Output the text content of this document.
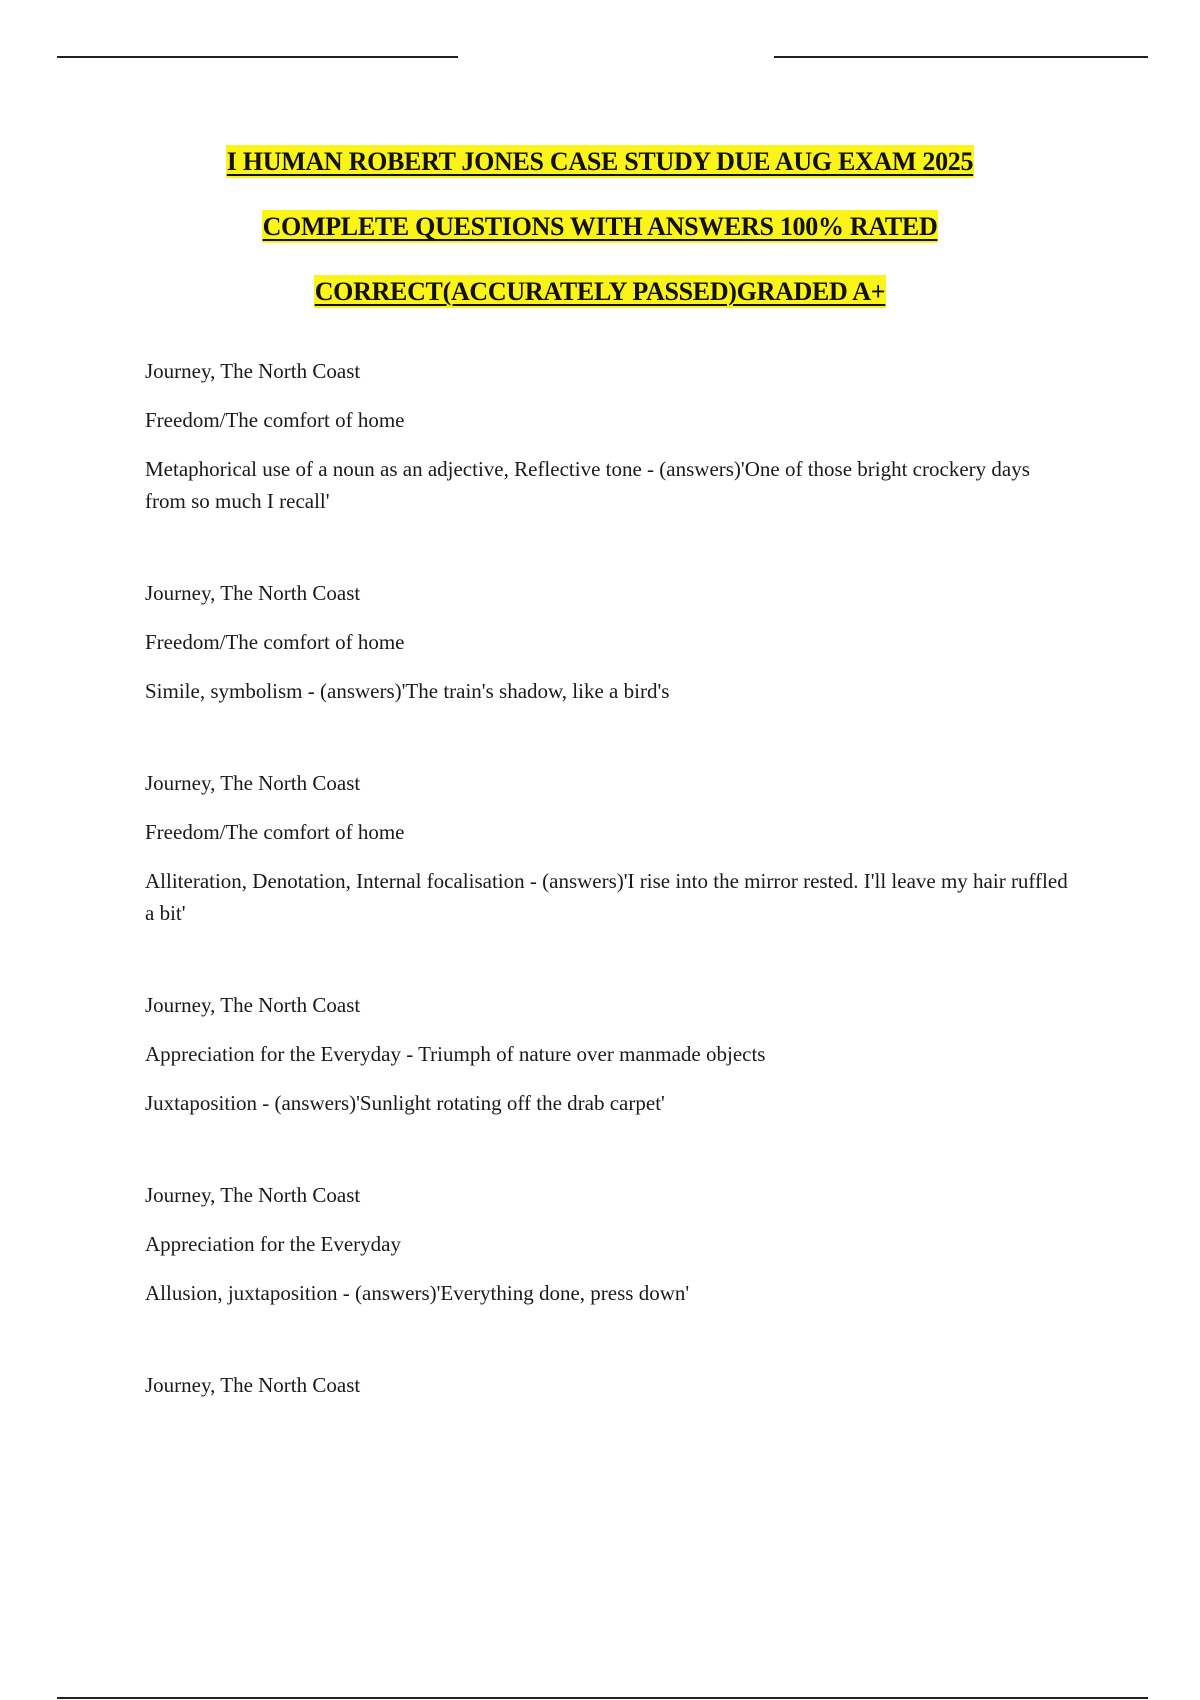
I HUMAN ROBERT JONES CASE STUDY DUE AUG EXAM 2025
COMPLETE QUESTIONS WITH ANSWERS 100% RATED
CORRECT(ACCURATELY PASSED)GRADED A+

Journey, The North Coast

Freedom/The comfort of home

Metaphorical use of a noun as an adjective, Reflective tone - (answers)'One of those bright crockery days from so much I recall'

Journey, The North Coast

Freedom/The comfort of home

Simile, symbolism - (answers)'The train's shadow, like a bird's

Journey, The North Coast

Freedom/The comfort of home

Alliteration, Denotation, Internal focalisation - (answers)'I rise into the mirror rested. I'll leave my hair ruffled a bit'

Journey, The North Coast

Appreciation for the Everyday - Triumph of nature over manmade objects

Juxtaposition - (answers)'Sunlight rotating off the drab carpet'

Journey, The North Coast

Appreciation for the Everyday

Allusion, juxtaposition - (answers)'Everything done, press down'

Journey, The North Coast
